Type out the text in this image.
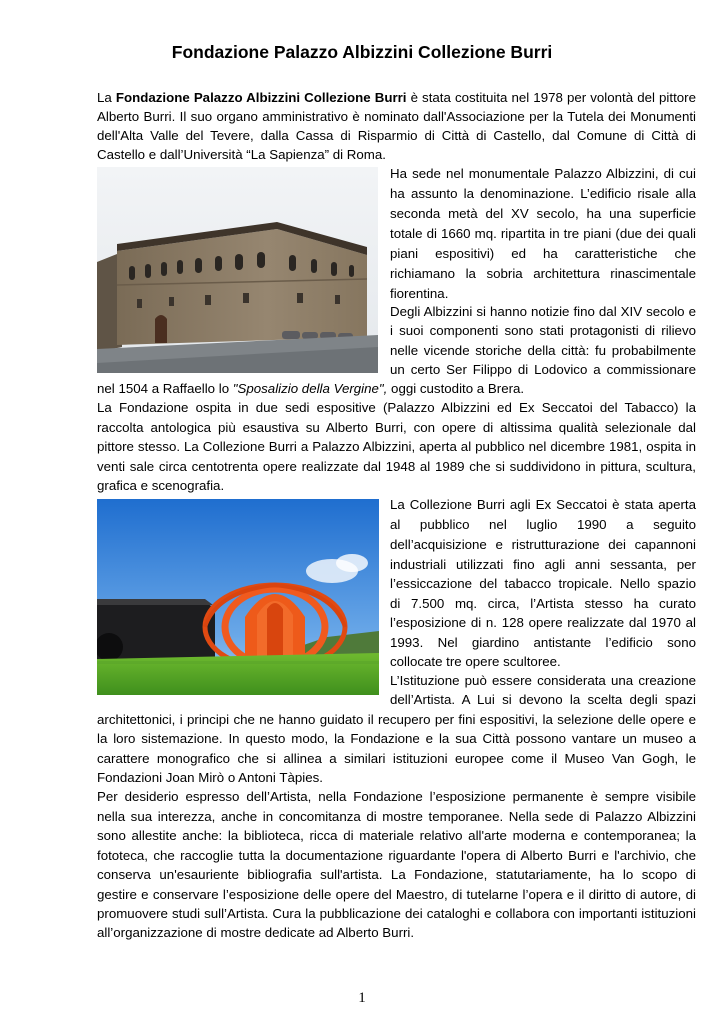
Fondazione Palazzo Albizzini Collezione Burri
La Fondazione Palazzo Albizzini Collezione Burri è stata costituita nel 1978 per volontà del pittore
Alberto Burri. Il suo organo amministrativo è nominato dall'Associazione per la Tutela dei Monumenti
dell'Alta Valle del Tevere, dalla Cassa di Risparmio di Città di Castello, dal Comune di Città di
Castello e dall’Università “La Sapienza” di Roma.
Ha sede nel monumentale Palazzo Albizzini, di cui
ha assunto la denominazione. L’edificio risale alla
seconda metà del XV secolo, ha una superficie
totale di 1660 mq. ripartita in tre piani (due dei quali
piani espositivi) ed ha caratteristiche che
richiamano la sobria architettura rinascimentale
fiorentina.
Degli Albizzini si hanno notizie fino dal XIV secolo e
i suoi componenti sono stati protagonisti di rilievo
nelle vicende storiche della città: fu probabilmente
un certo Ser Filippo di Lodovico a commissionare
nel 1504 a Raffaello lo "Sposalizio della Vergine", oggi custodito a Brera.
La Fondazione ospita in due sedi espositive (Palazzo Albizzini ed Ex Seccatoi del Tabacco) la
raccolta antologica più esaustiva su Alberto Burri, con opere di altissima qualità selezionale dal
pittore stesso. La Collezione Burri a Palazzo Albizzini, aperta al pubblico nel dicembre 1981, ospita in
venti sale circa centotrenta opere realizzate dal 1948 al 1989 che si suddividono in pittura, scultura,
grafica e scenografia.
La Collezione Burri agli Ex Seccatoi è stata aperta
al pubblico nel luglio 1990 a seguito
dell’acquisizione e ristrutturazione dei capannoni
industriali utilizzati fino agli anni sessanta, per
l’essiccazione del tabacco tropicale. Nello spazio
di 7.500 mq. circa, l’Artista stesso ha curato
l’esposizione di n. 128 opere realizzate dal 1970 al
1993. Nel giardino antistante l’edificio sono
collocate tre opere scultoree.
L’Istituzione può essere considerata una creazione
dell’Artista. A Lui si devono la scelta degli spazi
architettonici, i principi che ne hanno guidato il recupero per fini espositivi, la selezione delle opere e
la loro sistemazione. In questo modo, la Fondazione e la sua Città possono vantare un museo a
carattere monografico che si allinea a similari istituzioni europee come il Museo Van Gogh, le
Fondazioni Joan Mirò o Antoni Tàpies.
Per desiderio espresso dell’Artista, nella Fondazione l’esposizione permanente è sempre visibile
nella sua interezza, anche in concomitanza di mostre temporanee. Nella sede di Palazzo Albizzini
sono allestite anche: la biblioteca, ricca di materiale relativo all'arte moderna e contemporanea; la
fototeca, che raccoglie tutta la documentazione riguardante l'opera di Alberto Burri e l'archivio, che
conserva un'esauriente bibliografia sull'artista. La Fondazione, statutariamente, ha lo scopo di
gestire e conservare l’esposizione delle opere del Maestro, di tutelarne l’opera e il diritto di autore, di
promuovere studi sull’Artista. Cura la pubblicazione dei cataloghi e collabora con importanti istituzioni
all’organizzazione di mostre dedicate ad Alberto Burri.
1
